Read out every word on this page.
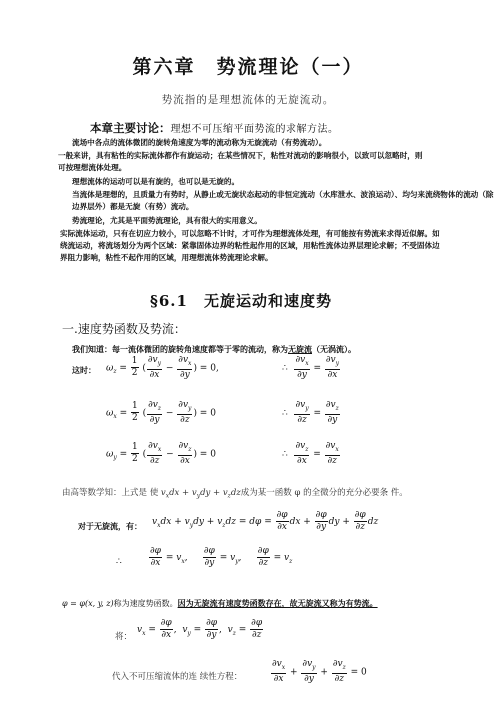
第六章　势流理论（一）
势流指的是理想流体的无旋流动。
本章主要讨论：理想不可压缩平面势流的求解方法。
流场中各点的流体微团的旋转角速度为零的流动称为无旋流动（有势流动）。
一般来讲，具有粘性的实际流体都作有旋运动；在某些情况下，粘性对流动的影响很小，以致可以忽略时，则可按理想流体处理。
理想流体的运动可以是有旋的，也可以是无旋的。
当流体是理想的，且质量力有势时，从静止或无旋状态起动的非恒定流动（水库泄水、波浪运动）、均匀来流绕物体的流动（除边界层外）都是无旋（有势）流动。
势流理论，尤其是平面势流理论，具有很大的实用意义。
实际流体运动，只有在切应力较小，可以忽略不计时，才可作为理想流体处理，有可能按有势流来求得近似解。如绕流运动，将流场划分为两个区域：紧靠固体边界的粘性起作用的区域，用粘性流体边界层理论求解；不受固体边界阻力影响，粘性不起作用的区域，用理想流体势流理论求解。
§6.1　无旋运动和速度势
一.速度势函数及势流：
我们知道：每一流体微团的旋转角速度都等于零的流动，称为无旋流（无涡流）。
这时： $\omega_z = \frac{1}{2}$ ( $\frac{\partial v_y}{\partial x} - \frac{\partial v_x}{\partial y}$ ) = 0,	∴ $\frac{\partial v_x}{\partial y} = \frac{\partial v_y}{\partial x}$
$\omega_x = \frac{1}{2}$ ( $\frac{\partial v_z}{\partial y} - \frac{\partial v_y}{\partial z}$ ) = 0	∴ $\frac{\partial v_y}{\partial z} = \frac{\partial v_z}{\partial y}$
$\omega_y = \frac{1}{2}$ ( $\frac{\partial v_x}{\partial z} - \frac{\partial v_z}{\partial x}$ ) = 0	∴ $\frac{\partial v_z}{\partial x} = \frac{\partial v_x}{\partial z}$
由高等数学知：上式是 使 $v_xdx + v_ydy + v_zdz$成为某一函数 φ 的全微分的充分必要条 件。
对于无旋流，有： $v_xdx + v_ydy + v_zdz = d\varphi = \frac{\partial\varphi}{\partial x}$ dx + $\frac{\partial\varphi}{\partial y}$ dy + $\frac{\partial\varphi}{\partial z}$ dz
∴	$\frac{\partial\varphi}{\partial x} = v_x$, $\frac{\partial\varphi}{\partial y} = v_y$, $\frac{\partial\varphi}{\partial z} = v_z$
φ = φ(x, y, z)称为速度势函数。因为无旋流有速度势函数存在，故无旋流又称为有势流。
将：
$v_x = \frac{\partial\varphi}{\partial x}$ ,  $v_y = \frac{\partial\varphi}{\partial y}$ ,  $v_z = \frac{\partial\varphi}{\partial z}$
代入不可压缩流体的连 续性方程：	$\frac{\partial v_x}{\partial x} + \frac{\partial v_y}{\partial y} + \frac{\partial v_z}{\partial z} = 0$
